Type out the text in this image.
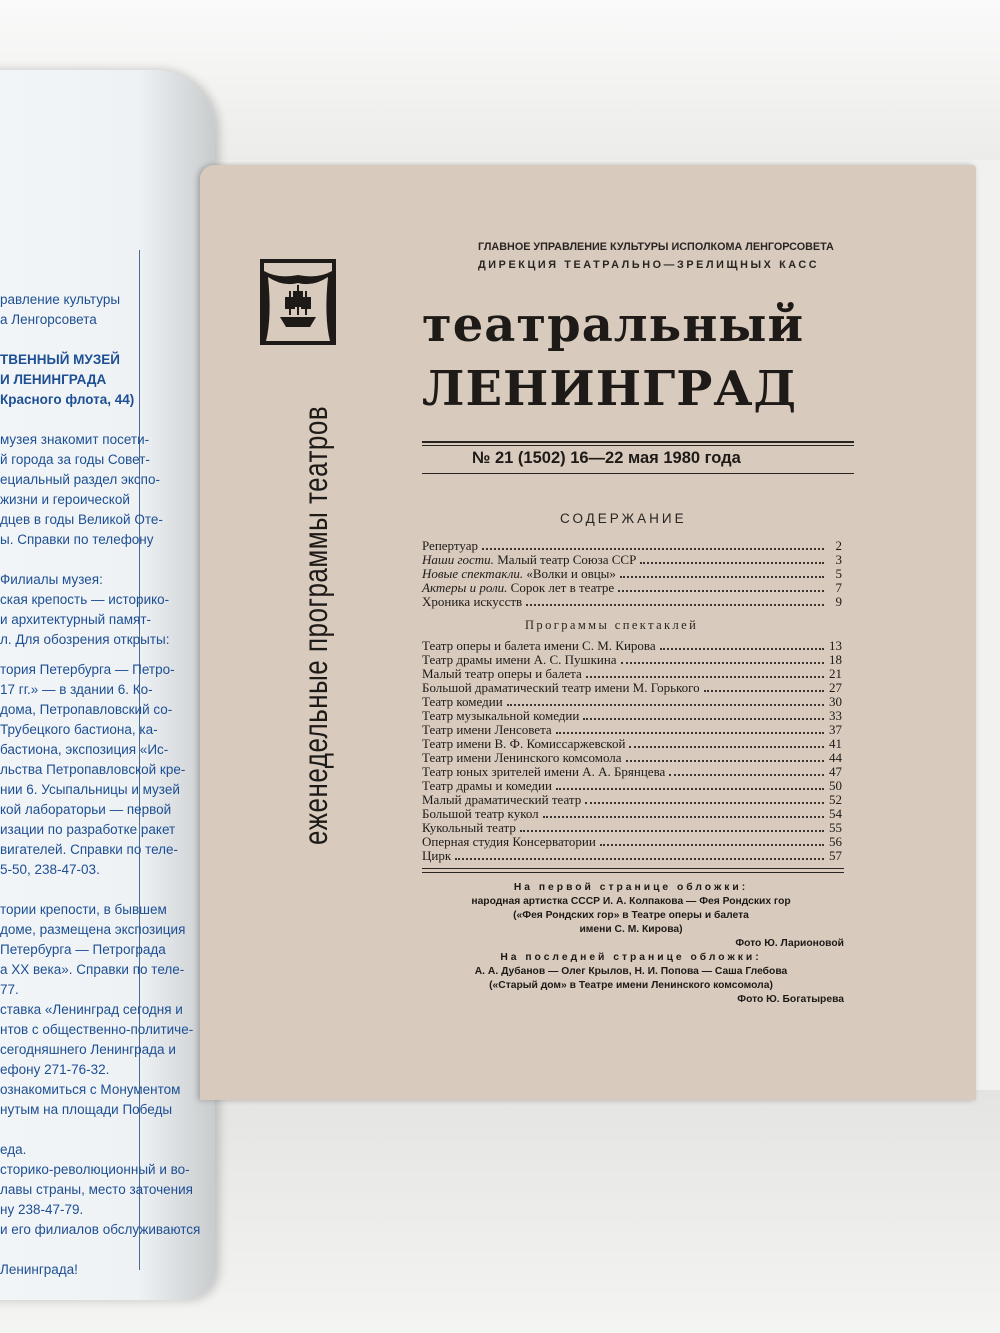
равление культуры
а Ленгорсовета

ТВЕННЫЙ МУЗЕЙ
И ЛЕНИНГРАДА
Красного флота, 44)

музея знакомит посети-
й города за годы Совет-
ециальный раздел экспо-
жизни и героической
дцев в годы Великой Оте-
ы. Справки по телефону

Филиалы музея:
ская крепость — историко-
и архитектурный памят-
л. Для обозрения открыты:
тория Петербурга — Петро-
17 гг.» — в здании 6. Ко-
дома, Петропавловский со-
Трубецкого бастиона, ка-
бастиона, экспозиция «Ис-
льства Петропавловской кре-
нии 6. Усыпальницы и музей
кой лабораторьи — первой
изации по разработке ракет
вигателей. Справки по теле-
5-50, 238-47-03.

тории крепости, в бывшем
доме, размещена экспозиция
Петербурга — Петрограда
а XX века». Справки по теле-
77.
ставка «Ленинград сегодня и
нтов с общественно-политиче-
сегодняшнего Ленинграда и
ефону 271-76-32.
ознакомиться с Монументом
нутым на площади Победы

еда.
сторико-революционный и во-
лавы страны, место заточения
ну 238-47-79.
и его филиалов обслуживаются

Ленинграда!
еженедельные программы театров
ГЛАВНОЕ УПРАВЛЕНИЕ КУЛЬТУРЫ ИСПОЛКОМА ЛЕНГОРСОВЕТА
ДИРЕКЦИЯ ТЕАТРАЛЬНО—ЗРЕЛИЩНЫХ КАСС
театральный
ЛЕНИНГРАД
№ 21 (1502) 16—22 мая 1980 года
СОДЕРЖАНИЕ
Репертуар	2
Наши гости. Малый театр Союза ССР	3
Новые спектакли. «Волки и овцы»	5
Актеры и роли. Сорок лет в театре	7
Хроника искусств	9
Программы спектаклей
Театр оперы и балета имени С. М. Кирова	13
Театр драмы имени А. С. Пушкина	18
Малый театр оперы и балета	21
Большой драматический театр имени М. Горького	27
Театр комедии	30
Театр музыкальной комедии	33
Театр имени Ленсовета	37
Театр имени В. Ф. Комиссаржевской	41
Театр имени Ленинского комсомола	44
Театр юных зрителей имени А. А. Брянцева	47
Театр драмы и комедии	50
Малый драматический театр	52
Большой театр кукол	54
Кукольный театр	55
Оперная студия Консерватории	56
Цирк	57
На первой странице обложки:
народная артистка СССР И. А. Колпакова — Фея Рондских гор
(«Фея Рондских гор» в Театре оперы и балета
имени С. М. Кирова)
Фото Ю. Ларионовой
На последней странице обложки:
А. А. Дубанов — Олег Крылов, Н. И. Попова — Саша Глебова
(«Старый дом» в Театре имени Ленинского комсомола)
Фото Ю. Богатырева
